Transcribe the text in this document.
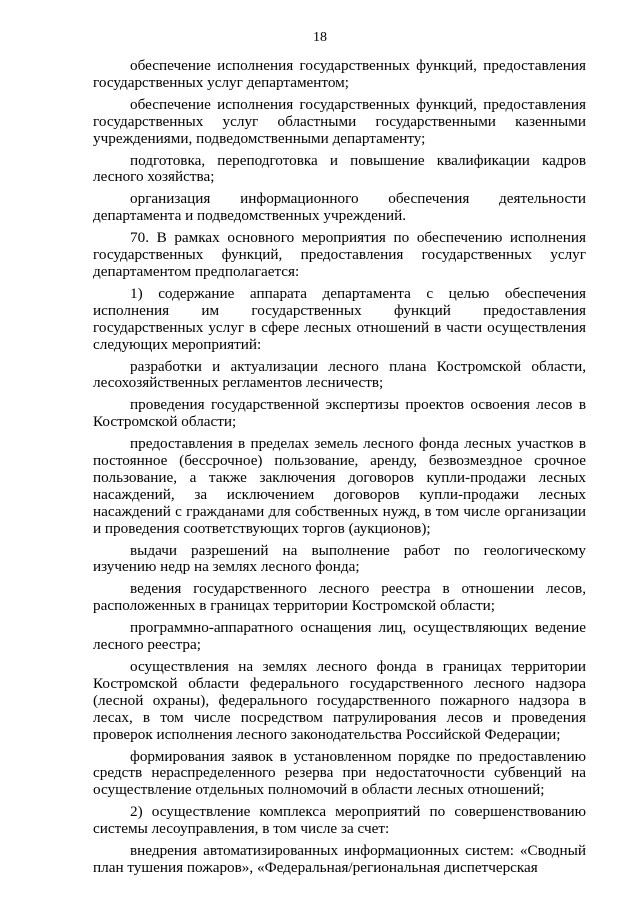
18

обеспечение исполнения государственных функций, предоставления государственных услуг департаментом;

обеспечение исполнения государственных функций, предоставления государственных услуг областными государственными казенными учреждениями, подведомственными департаменту;

подготовка, переподготовка и повышение квалификации кадров лесного хозяйства;

организация информационного обеспечения деятельности департамента и подведомственных учреждений.

70. В рамках основного мероприятия по обеспечению исполнения государственных функций, предоставления государственных услуг департаментом предполагается:

1) содержание аппарата департамента с целью обеспечения исполнения им государственных функций предоставления государственных услуг в сфере лесных отношений в части осуществления следующих мероприятий:

разработки и актуализации лесного плана Костромской области, лесохозяйственных регламентов лесничеств;

проведения государственной экспертизы проектов освоения лесов в Костромской области;

предоставления в пределах земель лесного фонда лесных участков в постоянное (бессрочное) пользование, аренду, безвозмездное срочное пользование, а также заключения договоров купли-продажи лесных насаждений, за исключением договоров купли-продажи лесных насаждений с гражданами для собственных нужд, в том числе организации и проведения соответствующих торгов (аукционов);

выдачи разрешений на выполнение работ по геологическому изучению недр на землях лесного фонда;

ведения государственного лесного реестра в отношении лесов, расположенных в границах территории Костромской области;

программно-аппаратного оснащения лиц, осуществляющих ведение лесного реестра;

осуществления на землях лесного фонда в границах территории Костромской области федерального государственного лесного надзора (лесной охраны), федерального государственного пожарного надзора в лесах, в том числе посредством патрулирования лесов и проведения проверок исполнения лесного законодательства Российской Федерации;

формирования заявок в установленном порядке по предоставлению средств нераспределенного резерва при недостаточности субвенций на осуществление отдельных полномочий в области лесных отношений;

2) осуществление комплекса мероприятий по совершенствованию системы лесоуправления, в том числе за счет:

внедрения автоматизированных информационных систем: «Сводный план тушения пожаров», «Федеральная/региональная диспетчерская
